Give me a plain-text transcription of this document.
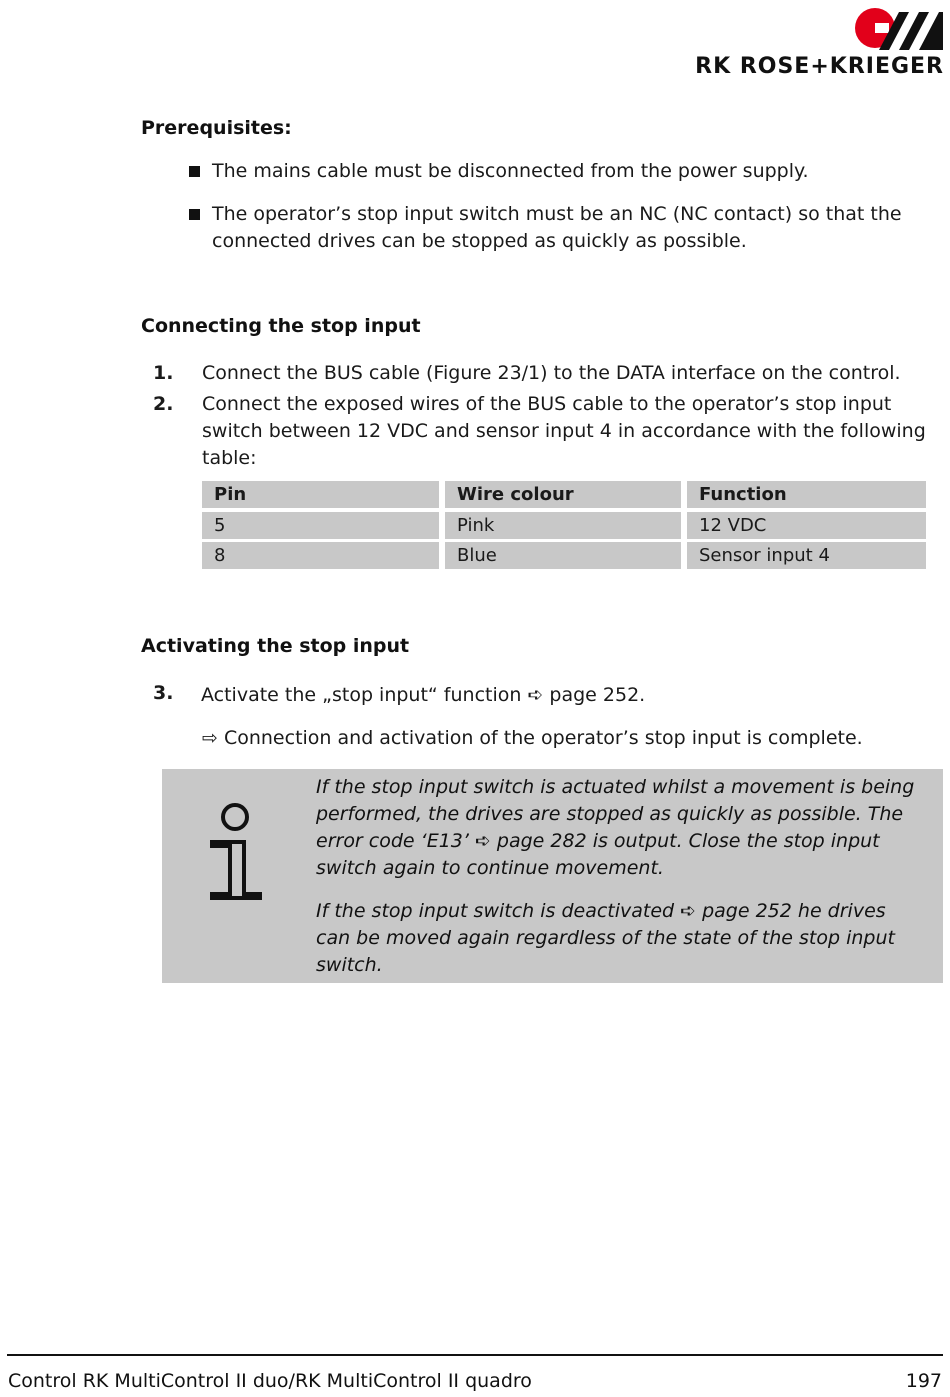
RK ROSE+KRIEGER
Prerequisites:
The mains cable must be disconnected from the power supply.
The operator’s stop input switch must be an NC (NC contact) so that the
connected drives can be stopped as quickly as possible.
Connecting the stop input
1. Connect the BUS cable (Figure 23/1) to the DATA interface on the control.
2. Connect the exposed wires of the BUS cable to the operator’s stop input
switch between 12 VDC and sensor input 4 in accordance with the following
table:
Pin	Wire colour	Function
5	Pink	12 VDC
8	Blue	Sensor input 4
Activating the stop input
3. Activate the „stop input“ function ➪ page 252.
⇨ Connection and activation of the operator’s stop input is complete.
If the stop input switch is actuated whilst a movement is being
performed, the drives are stopped as quickly as possible. The
error code ‘E13’ ➪ page 282 is output. Close the stop input
switch again to continue movement.
If the stop input switch is deactivated ➪ page 252 he drives
can be moved again regardless of the state of the stop input
switch.
Control RK MultiControl II duo/RK MultiControl II quadro	197
